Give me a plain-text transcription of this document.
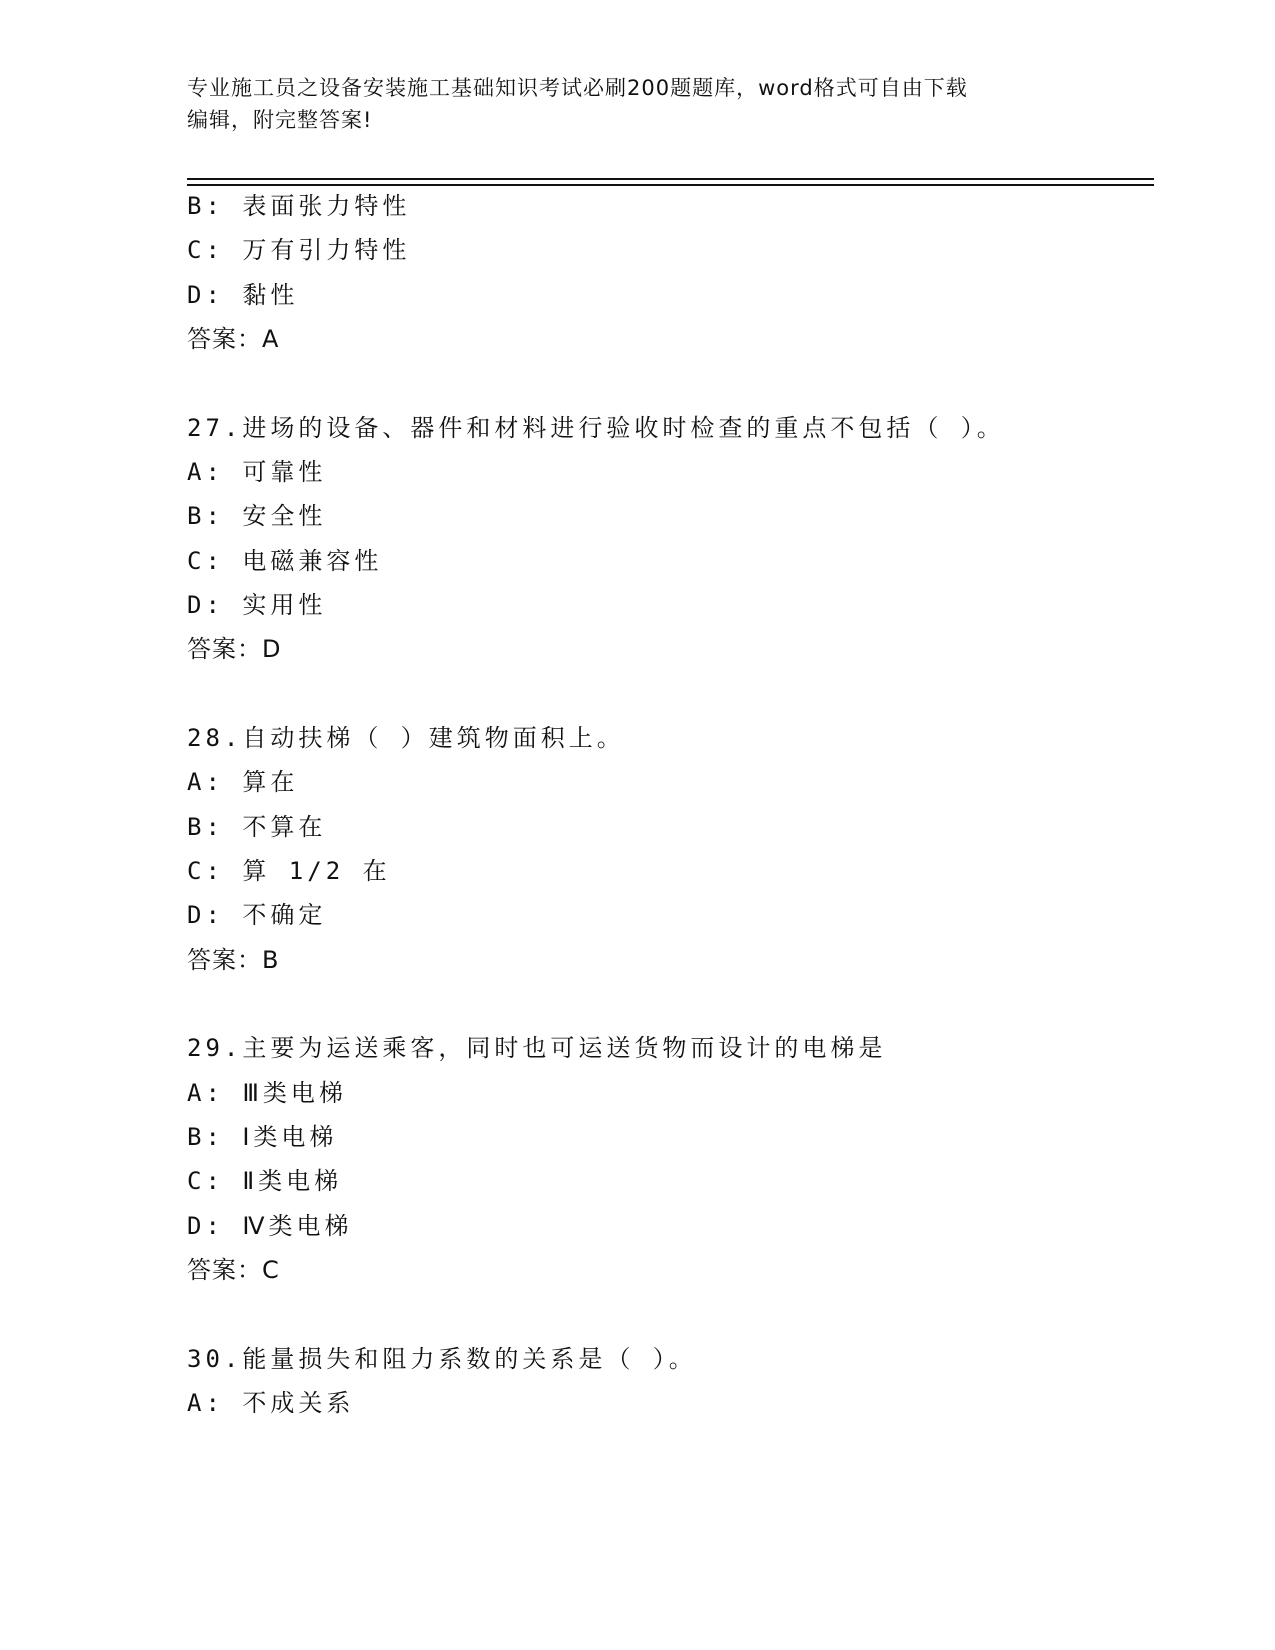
专业施工员之设备安装施工基础知识考试必刷200题题库，word格式可自由下载
编辑，附完整答案!
B: 表面张力特性
C: 万有引力特性
D: 黏性
答案：A
27.进场的设备、器件和材料进行验收时检查的重点不包括（ ）。
A: 可靠性
B: 安全性
C: 电磁兼容性
D: 实用性
答案：D
28.自动扶梯（ ）建筑物面积上。
A: 算在
B: 不算在
C: 算 1/2 在
D: 不确定
答案：B
29.主要为运送乘客，同时也可运送货物而设计的电梯是
A: Ⅲ类电梯
B: Ⅰ类电梯
C: Ⅱ类电梯
D: Ⅳ类电梯
答案：C
30.能量损失和阻力系数的关系是（ ）。
A: 不成关系
